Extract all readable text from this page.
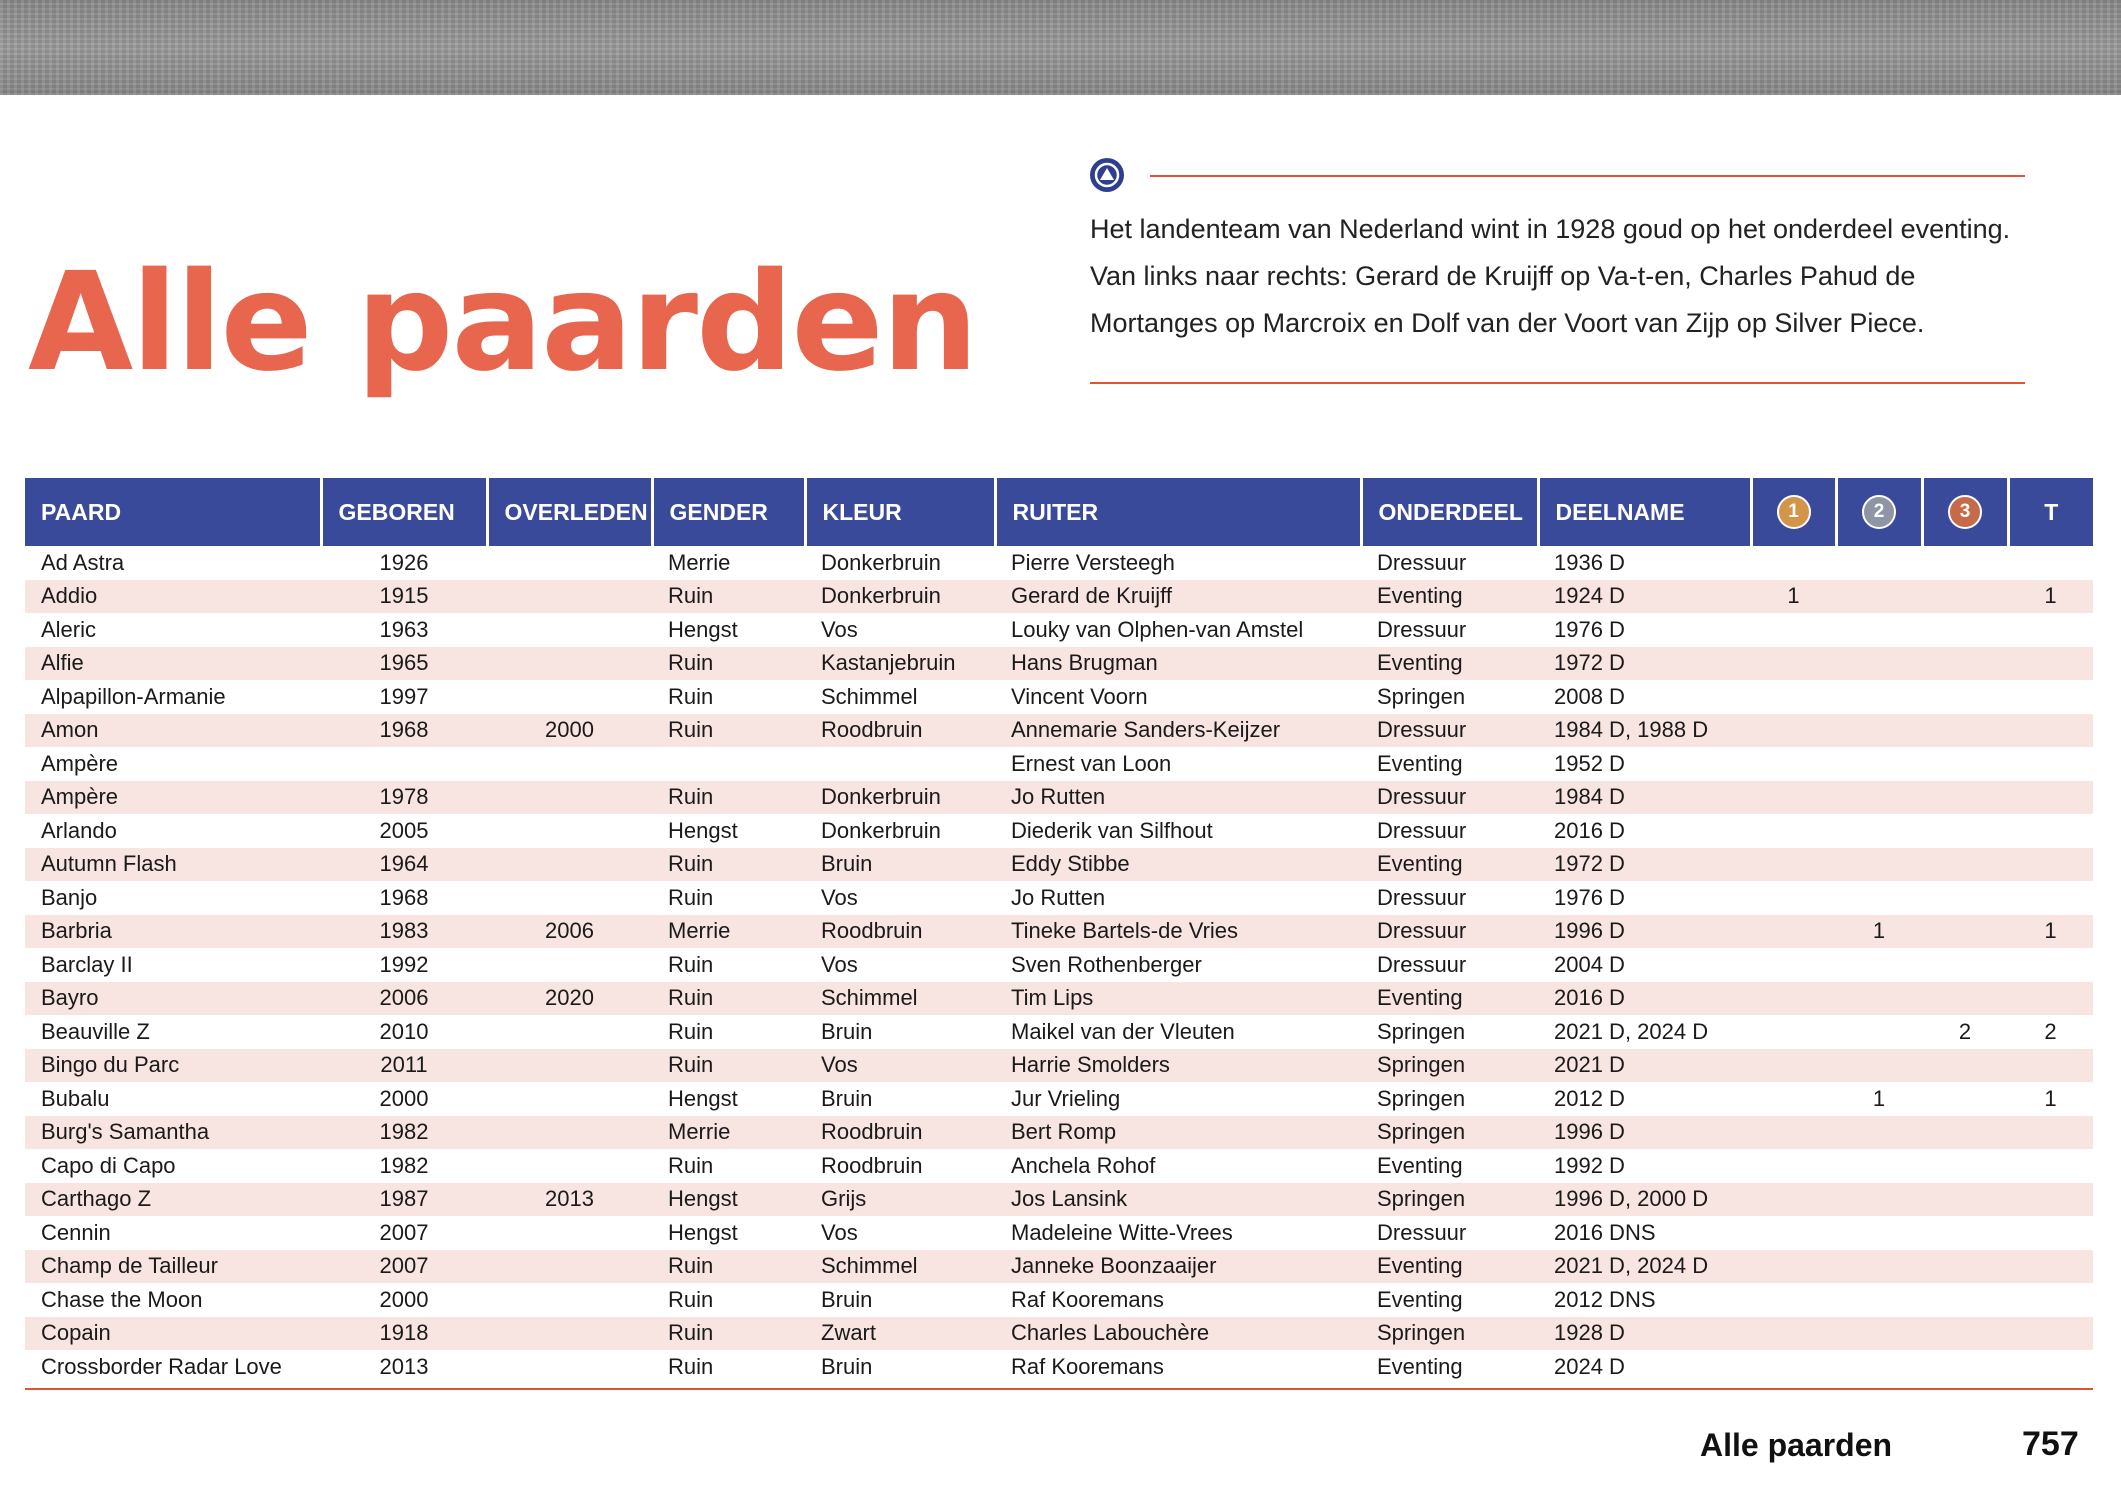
Alle paarden
Het landenteam van Nederland wint in 1928 goud op het onderdeel eventing. Van links naar rechts: Gerard de Kruijff op Va-t-en, Charles Pahud de Mortanges op Marcroix en Dolf van der Voort van Zijp op Silver Piece.
PAARD	GEBOREN	OVERLEDEN	GENDER	KLEUR	RUITER	ONDERDEEL	DEELNAME	1	2	3	T
Ad Astra	1926		Merrie	Donkerbruin	Pierre Versteegh	Dressuur	1936 D				
Addio	1915		Ruin	Donkerbruin	Gerard de Kruijff	Eventing	1924 D	1			1
Aleric	1963		Hengst	Vos	Louky van Olphen-van Amstel	Dressuur	1976 D				
Alfie	1965		Ruin	Kastanjebruin	Hans Brugman	Eventing	1972 D				
Alpapillon-Armanie	1997		Ruin	Schimmel	Vincent Voorn	Springen	2008 D				
Amon	1968	2000	Ruin	Roodbruin	Annemarie Sanders-Keijzer	Dressuur	1984 D, 1988 D				
Ampère					Ernest van Loon	Eventing	1952 D				
Ampère	1978		Ruin	Donkerbruin	Jo Rutten	Dressuur	1984 D				
Arlando	2005		Hengst	Donkerbruin	Diederik van Silfhout	Dressuur	2016 D				
Autumn Flash	1964		Ruin	Bruin	Eddy Stibbe	Eventing	1972 D				
Banjo	1968		Ruin	Vos	Jo Rutten	Dressuur	1976 D				
Barbria	1983	2006	Merrie	Roodbruin	Tineke Bartels-de Vries	Dressuur	1996 D		1		1
Barclay II	1992		Ruin	Vos	Sven Rothenberger	Dressuur	2004 D				
Bayro	2006	2020	Ruin	Schimmel	Tim Lips	Eventing	2016 D				
Beauville Z	2010		Ruin	Bruin	Maikel van der Vleuten	Springen	2021 D, 2024 D			2	2
Bingo du Parc	2011		Ruin	Vos	Harrie Smolders	Springen	2021 D				
Bubalu	2000		Hengst	Bruin	Jur Vrieling	Springen	2012 D		1		1
Burg's Samantha	1982		Merrie	Roodbruin	Bert Romp	Springen	1996 D				
Capo di Capo	1982		Ruin	Roodbruin	Anchela Rohof	Eventing	1992 D				
Carthago Z	1987	2013	Hengst	Grijs	Jos Lansink	Springen	1996 D, 2000 D				
Cennin	2007		Hengst	Vos	Madeleine Witte-Vrees	Dressuur	2016 DNS				
Champ de Tailleur	2007		Ruin	Schimmel	Janneke Boonzaaijer	Eventing	2021 D, 2024 D				
Chase the Moon	2000		Ruin	Bruin	Raf Kooremans	Eventing	2012 DNS				
Copain	1918		Ruin	Zwart	Charles Labouchère	Springen	1928 D				
Crossborder Radar Love	2013		Ruin	Bruin	Raf Kooremans	Eventing	2024 D				
Alle paarden	757
